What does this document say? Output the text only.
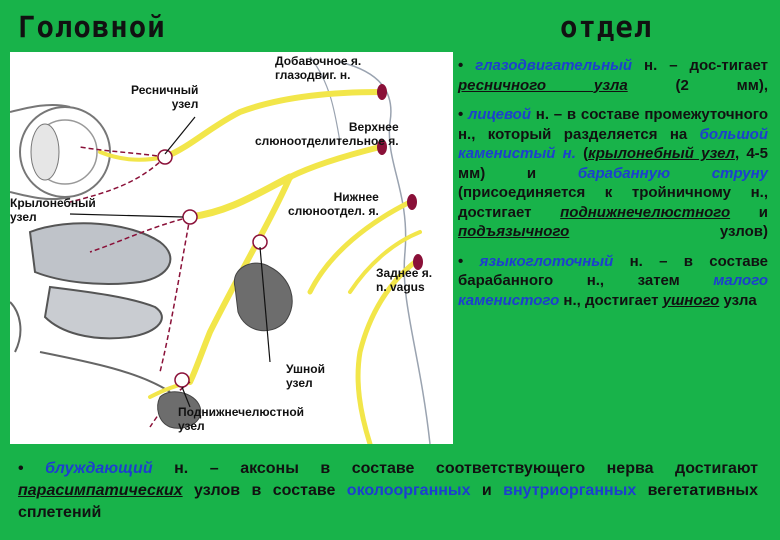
Головной	отдел
Добавочное я.
глазодвиг. н.
Ресничный
узел
Верхнее
слюноотделительное я.
Крылонебный
узел
Нижнее
слюноотдел. я.
Заднее я.
n. vagus
Ушной
узел
Поднижнечелюстной
узел

• глазодвигательный н. – дос-тигает ресничного узла (2 мм),

• лицевой н. – в составе промежуточного н., который разделяется на большой каменистый н. (крылонебный узел, 4-5 мм) и барабанную струну (присоединяется к тройничному н., достигает поднижнечелюстного и подъязычного узлов)

• языкоглоточный н. – в составе барабанного н., затем малого каменистого н., достигает ушного узла

• блуждающий н. – аксоны в составе соответствующего нерва достигают парасимпатических узлов в составе околоорганных и внутриорганных вегетативных сплетений
